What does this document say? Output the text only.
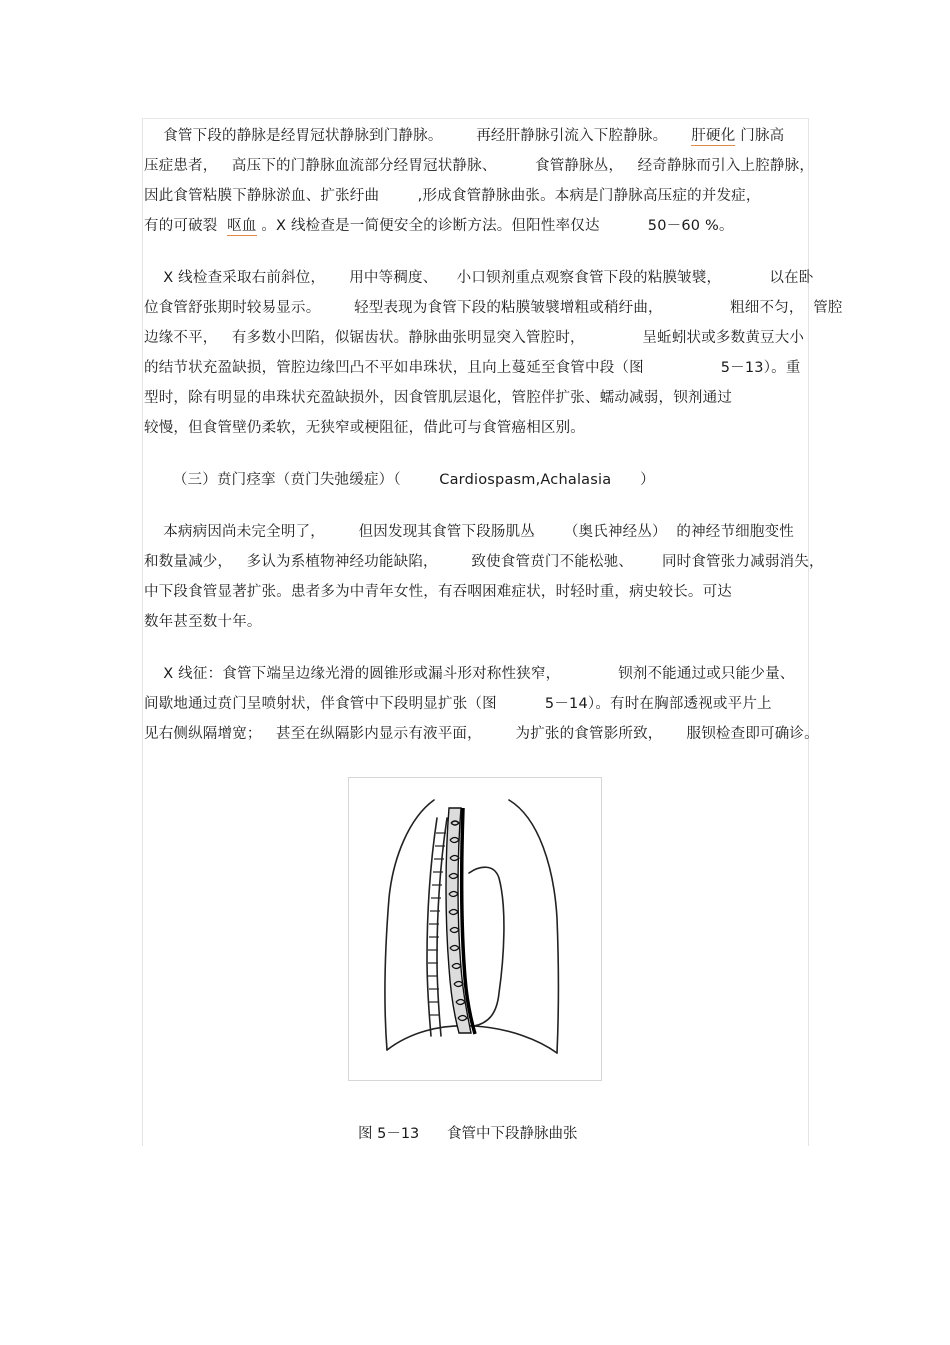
食管下段的静脉是经胃冠状静脉到门静脉。       再经肝静脉引流入下腔静脉。     肝硬化 门脉高
压症患者，   高压下的门静脉血流部分经胃冠状静脉、        食管静脉丛，   经奇静脉而引入上腔静脉，
因此食管粘膜下静脉淤血、扩张纡曲        ,形成食管静脉曲张。本病是门静脉高压症的并发症，
有的可破裂  呕血 。X 线检查是一简便安全的诊断方法。但阳性率仅达          50－60 %。
X 线检查采取右前斜位，     用中等稠度、    小口钡剂重点观察食管下段的粘膜皱襞，          以在卧
位食管舒张期时较易显示。       轻型表现为食管下段的粘膜皱襞增粗或稍纡曲，              粗细不匀，  管腔
边缘不平，   有多数小凹陷，似锯齿状。静脉曲张明显突入管腔时，            呈蚯蚓状或多数黄豆大小
的结节状充盈缺损，管腔边缘凹凸不平如串珠状，且向上蔓延至食管中段（图                5－13）。重
型时，除有明显的串珠状充盈缺损外，因食管肌层退化，管腔伴扩张、蠕动减弱，钡剂通过
较慢，但食管壁仍柔软，无狭窄或梗阻征，借此可与食管癌相区别。
（三）贲门痉挛（贲门失弛缓症）（        Cardiospasm,Achalasia      ）
本病病因尚未完全明了，       但因发现其食管下段肠肌丛      （奥氏神经丛）  的神经节细胞变性
和数量减少，   多认为系植物神经功能缺陷，       致使食管贲门不能松驰、      同时食管张力减弱消失，
中下段食管显著扩张。患者多为中青年女性，有吞咽困难症状，时轻时重，病史较长。可达
数年甚至数十年。
X 线征：食管下端呈边缘光滑的圆锥形或漏斗形对称性狭窄，            钡剂不能通过或只能少量、
间歇地通过贲门呈喷射状，伴食管中下段明显扩张（图          5－14）。有时在胸部透视或平片上
见右侧纵隔增宽；   甚至在纵隔影内显示有液平面，       为扩张的食管影所致，     服钡检查即可确诊。
图 5－13      食管中下段静脉曲张
